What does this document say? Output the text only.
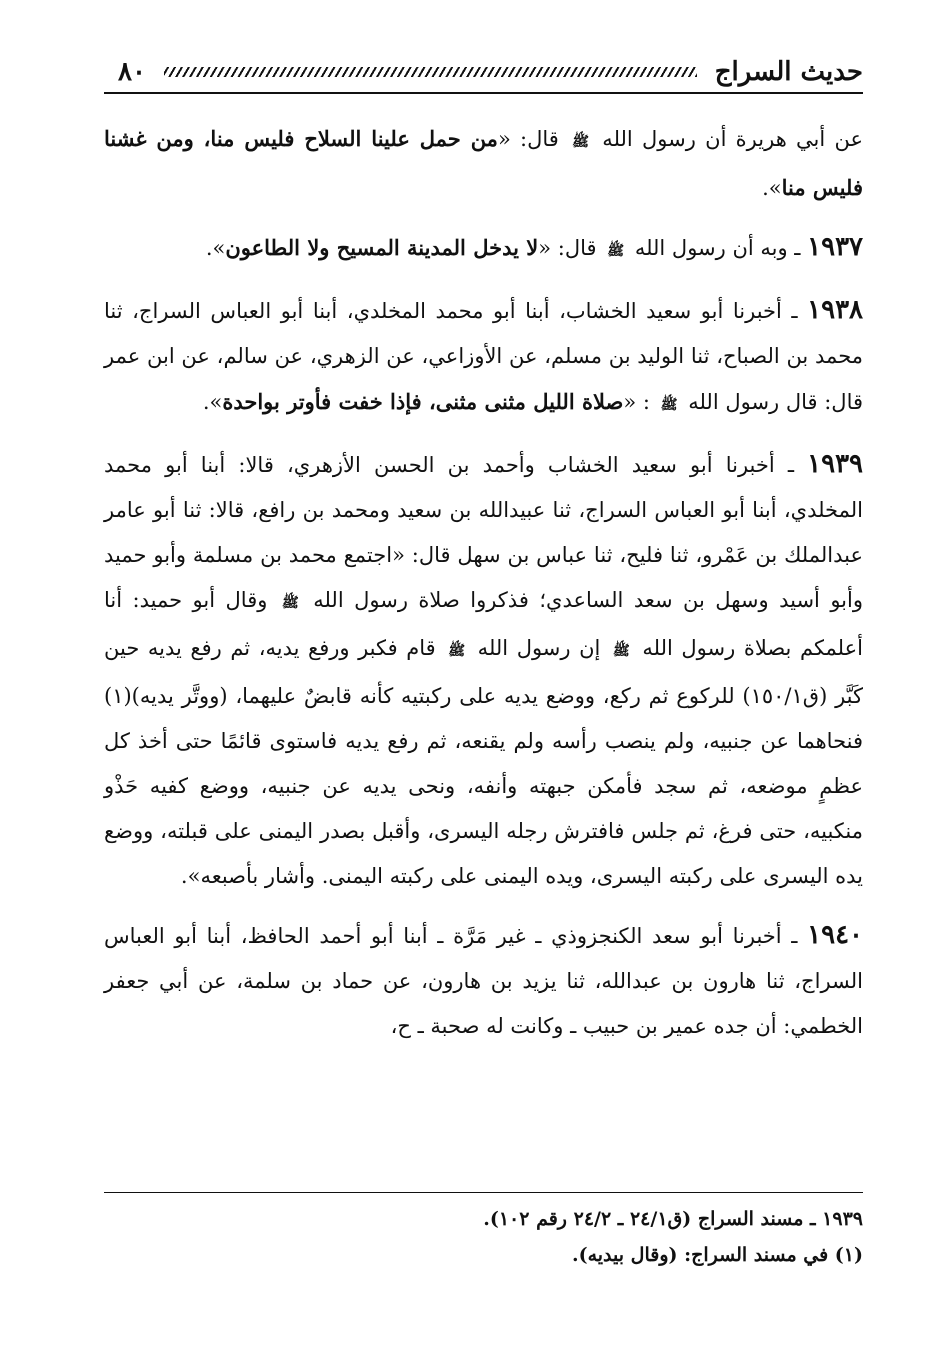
حديث السراج
٨٠

عن أبي هريرة أن رسول الله ﷺ قال: «من حمل علينا السلاح فليس منا، ومن غشنا فليس منا».

١٩٣٧ ـ وبه أن رسول الله ﷺ قال: «لا يدخل المدينة المسيح ولا الطاعون».

١٩٣٨ ـ أخبرنا أبو سعيد الخشاب، أبنا أبو محمد المخلدي، أبنا أبو العباس السراج، ثنا محمد بن الصباح، ثنا الوليد بن مسلم، عن الأوزاعي، عن الزهري، عن سالم، عن ابن عمر قال: قال رسول الله ﷺ : «صلاة الليل مثنى مثنى، فإذا خفت فأوتر بواحدة».

١٩٣٩ ـ أخبرنا أبو سعيد الخشاب وأحمد بن الحسن الأزهري، قالا: أبنا أبو محمد المخلدي، أبنا أبو العباس السراج، ثنا عبيدالله بن سعيد ومحمد بن رافع، قالا: ثنا أبو عامر عبدالملك بن عَمْرو، ثنا فليح، ثنا عباس بن سهل قال: «اجتمع محمد بن مسلمة وأبو حميد وأبو أسيد وسهل بن سعد الساعدي؛ فذكروا صلاة رسول الله ﷺ وقال أبو حميد: أنا أعلمكم بصلاة رسول الله ﷺ إن رسول الله ﷺ قام فكبر ورفع يديه، ثم رفع يديه حين كَبَّر (ق١٥٠/١) للركوع ثم ركع، ووضع يديه على ركبتيه كأنه قابضٌ عليهما، (ووتَّر يديه)(١) فنحاهما عن جنبيه، ولم ينصب رأسه ولم يقنعه، ثم رفع يديه فاستوى قائمًا حتى أخذ كل عظمٍ موضعه، ثم سجد فأمكن جبهته وأنفه، ونحى يديه عن جنبيه، ووضع كفيه حَذْو منكبيه، حتى فرغ، ثم جلس فافترش رجله اليسرى، وأقبل بصدر اليمنى على قبلته، ووضع يده اليسرى على ركبته اليسرى، ويده اليمنى على ركبته اليمنى. وأشار بأصبعه».

١٩٤٠ ـ أخبرنا أبو سعد الكنجزوذي ـ غير مَرَّة ـ أبنا أبو أحمد الحافظ، أبنا أبو العباس السراج، ثنا هارون بن عبدالله، ثنا يزيد بن هارون، عن حماد بن سلمة، عن أبي جعفر الخطمي: أن جده عمير بن حبيب ـ وكانت له صحبة ـ ح،

١٩٣٩ ـ مسند السراج (ق٢٤/١ ـ ٢٤/٢ رقم ١٠٢).
(١) في مسند السراج: (وقال بيديه).
